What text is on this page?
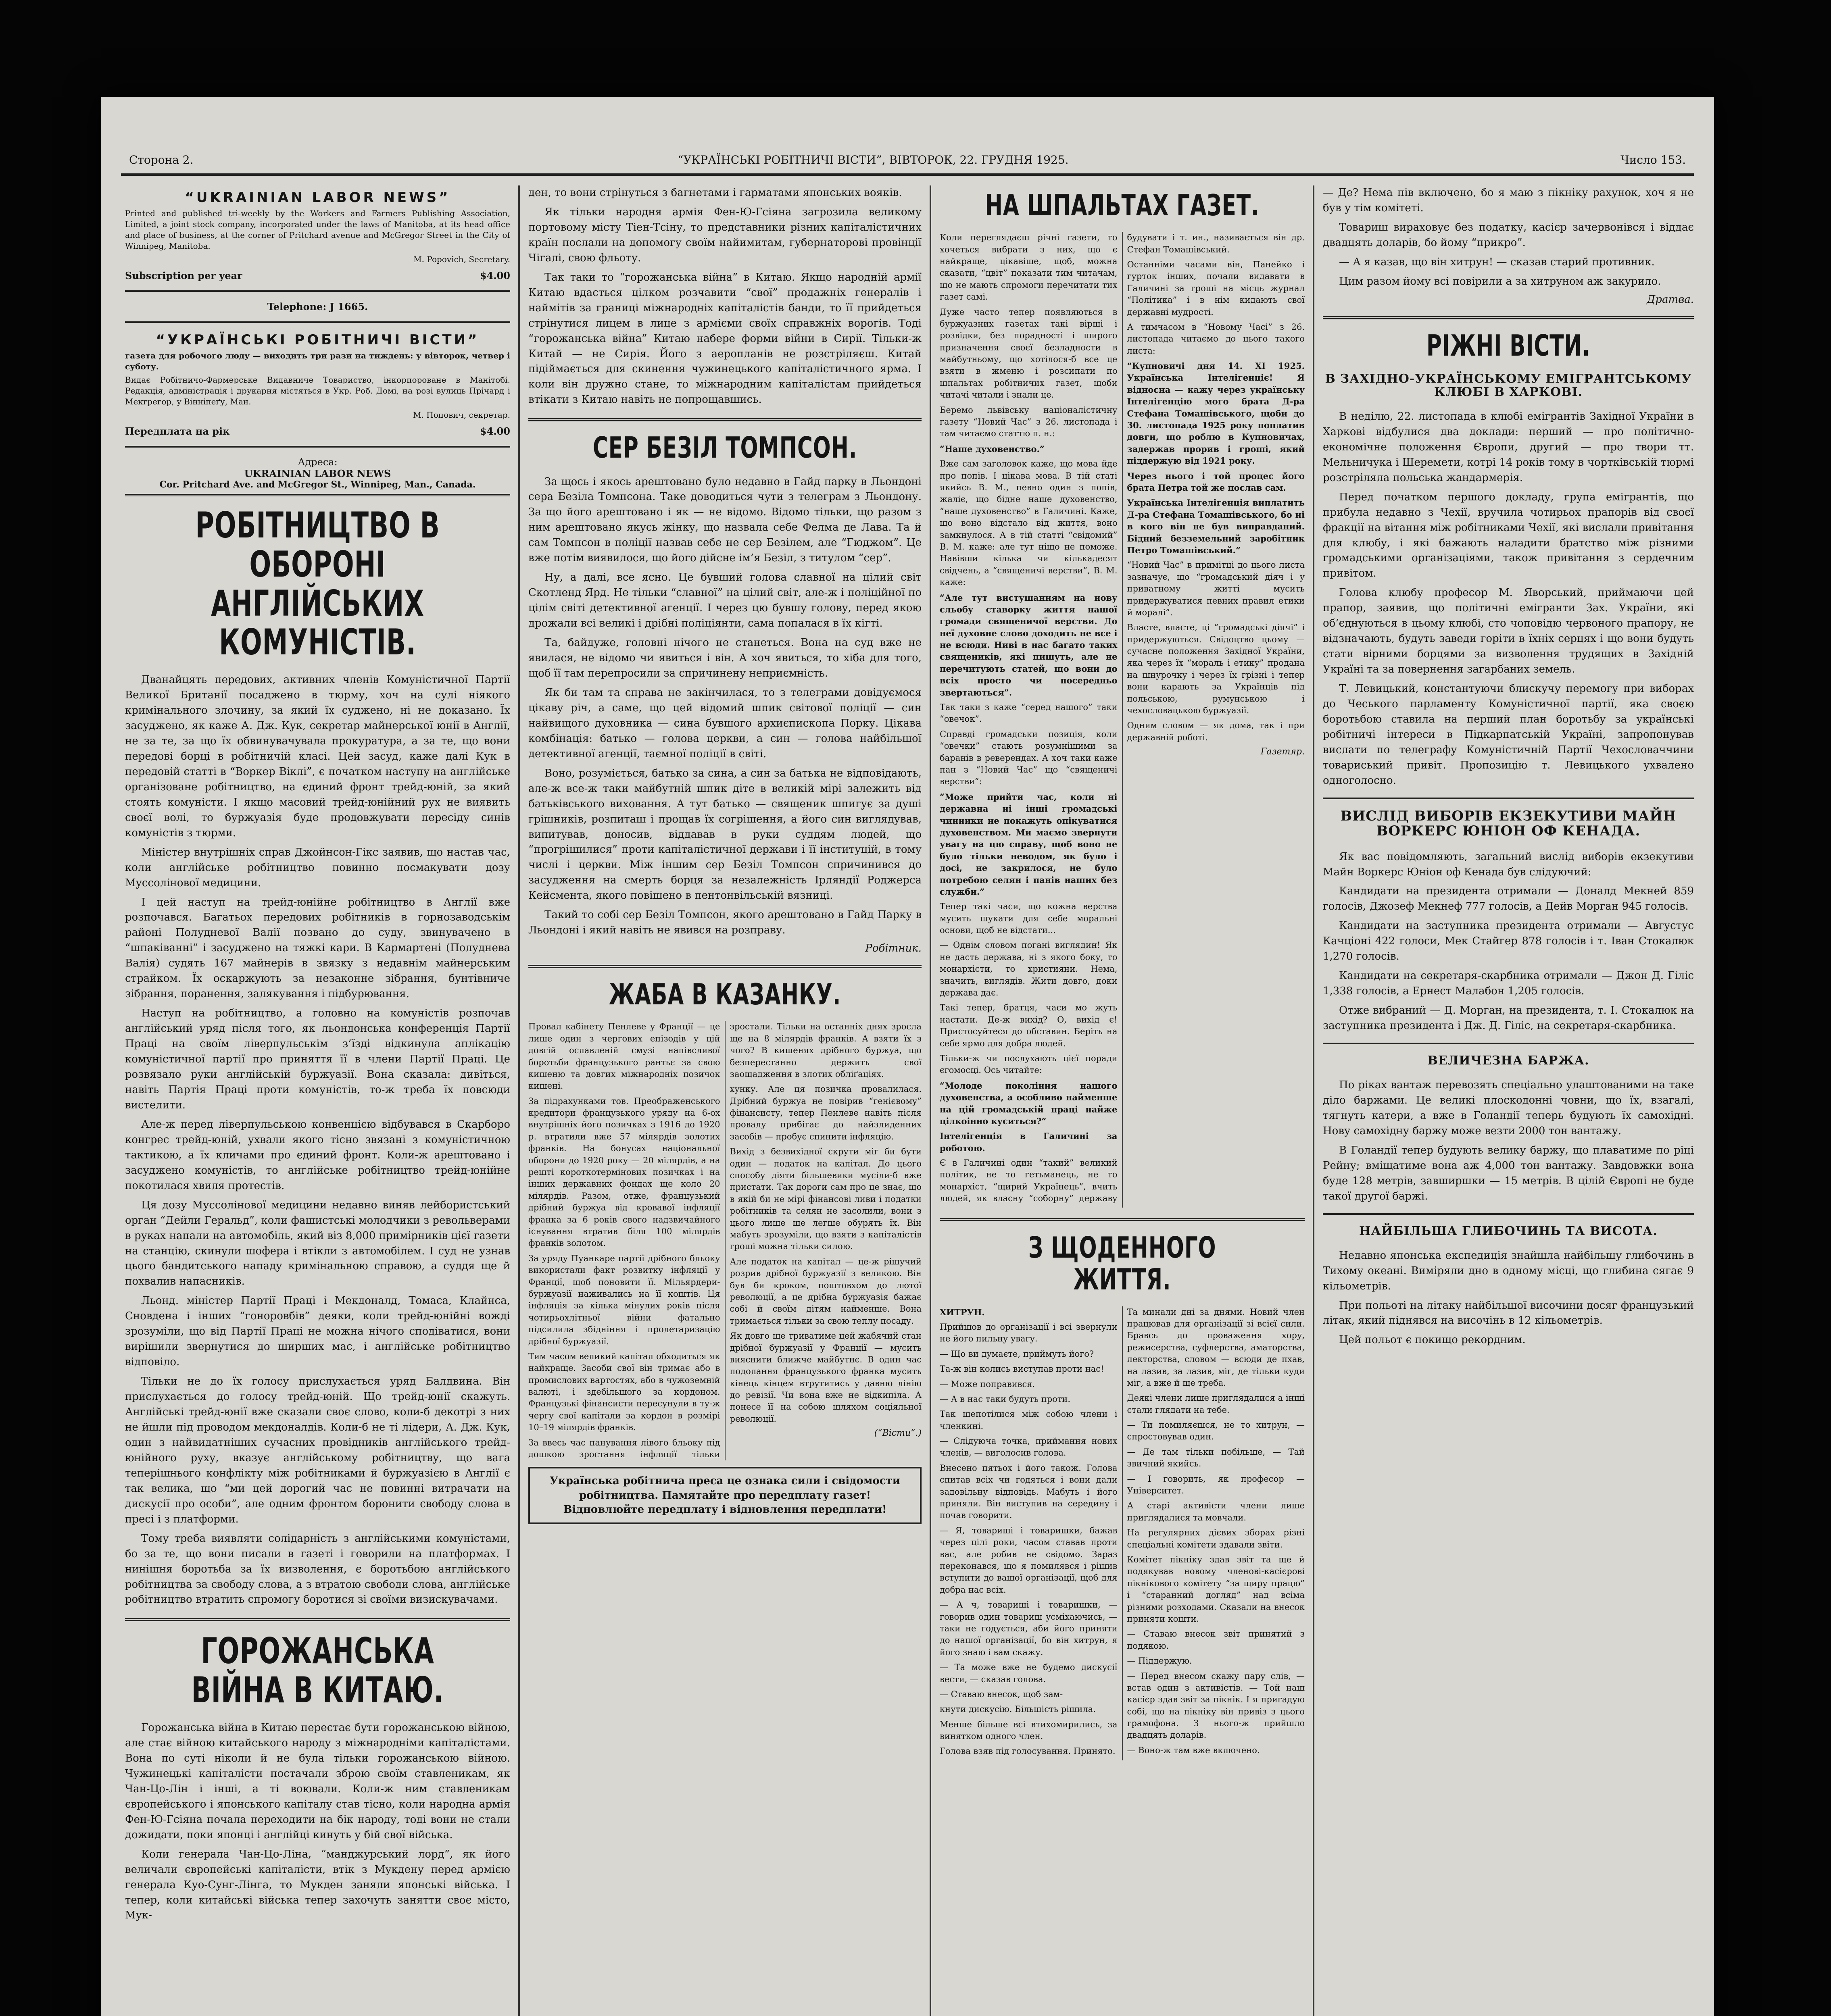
Сторона 2.	“УКРАЇНСЬКІ РОБІТНИЧІ ВІСТИ”, ВІВТОРОК, 22. ГРУДНЯ 1925.	Число 153.
“UKRAINIAN LABOR NEWS”

Printed and published tri-weekly by the Workers and Farmers Publishing Association, Limited, a joint stock company, incorporated under the laws of Manitoba, at its head office and place of business, at the corner of Pritchard avenue and McGregor Street in the City of Winnipeg, Manitoba.

M. Popovich, Secretary.

Subscription per year	$4.00
Telephone: J 1665.
“УКРАЇНСЬКІ РОБІТНИЧІ ВІСТИ”

газета для робочого люду — виходить три рази на тиждень: у вівторок, четвер і суботу.

Видає Робітничо-Фармерське Видавниче Товариство, інкорпороване в Манітобі. Редакція, адміністрація і друкарня містяться в Укр. Роб. Домі, на розі вулиць Прічард і Мекгрегор, у Вінніпеґу, Ман.

М. Попович, секретар.

Передплата на рік	$4.00
Адреса:
UKRAINIAN LABOR NEWS
Cor. Pritchard Ave. and McGregor St., Winnipeg, Man., Canada.
РОБІТНИЦТВО В ОБОРОНІ АНГЛІЙСЬКИХ КОМУНІСТІВ.

Дванайцять передових, активних членів Комуністичної Партії Великої Британії посаджено в тюрму, хоч на сулі ніякого кримінального злочину, за який їх суджено, ні не доказано. Їх засуджено, як каже А. Дж. Кук, секретар майнерської юнії в Англії, не за те, за що їх обвинувачувала прокуратура, а за те, що вони передові борці в робітничій класі. Цей засуд, каже далі Кук в передовій статті в “Воркер Віклі”, є початком наступу на англійське організоване робітництво, на єдиний фронт трейд-юній, за який стоять комуністи. І якщо масовий трейд-юнійний рух не виявить своєї волі, то буржуазія буде продовжувати пересіду синів комуністів з тюрми.

Міністер внутрішніх справ Джойнсон-Гікс заявив, що настав час, коли англійське робітництво повинно посмакувати дозу Муссолінової медицини.

І цей наступ на трейд-юнійне робітництво в Англії вже розпочався. Багатьох передових робітників в горнозаводськім районі Полудневої Валії позвано до суду, звинувачено в “шпаківанні” і засуджено на тяжкі кари. В Кармартені (Полуднева Валія) судять 167 майнерів в звязку з недавнім майнерським страйком. Їх оскаржують за незаконне зібрання, бунтівниче зібрання, поранення, залякування і підбурювання.

Наступ на робітництво, а головно на комуністів розпочав англійський уряд після того, як льондонська конференція Партії Праці на своїм ліверпульськім з’їзді відкинула аплікацію комуністичної партії про приняття її в члени Партії Праці. Це розвязало руки англійській буржуазії. Вона сказала: дивіться, навіть Партія Праці проти комуністів, то-ж треба їх повсюди вистелити.

Але-ж перед ліверпульською конвенцією відбувався в Скарборо конгрес трейд-юній, ухвали якого тісно звязані з комуністичною тактикою, а їх кличами про єдиний фронт. Коли-ж арештовано і засуджено комуністів, то англійське робітництво трейд-юнійне покотилася хвиля протестів.

Ця дозу Муссолінової медицини недавно виняв лейбористський орган “Дейли Геральд”, коли фашистські молодчики з револьверами в руках напали на автомобіль, який віз 8,000 примірників цієї газети на станцію, скинули шофера і втікли з автомобілем. І суд не узнав цього бандитського нападу кримінальною справою, а суддя ще й похвалив напасників.

Льонд. міністер Партії Праці і Мекдоналд, Томаса, Клайнса, Сновдена і інших “гоноровбів” деяки, коли трейд-юнійні вожді зрозуміли, що від Партії Праці не можна нічого сподіватися, вони вирішили звернутися до ширших мас, і англійське робітництво відповіло.

Тільки не до їх голосу прислухається уряд Балдвина. Він прислухається до голосу трейд-юній. Що трейд-юнії скажуть. Англійські трейд-юнії вже сказали своє слово, коли-б декотрі з них не йшли під проводом мекдоналдів. Коли-б не ті лідери, А. Дж. Кук, один з найвидатніших сучасних провідників англійського трейд-юнійного руху, вказує англійському робітництву, що вага теперішнього конфлікту між робітниками й буржуазією в Англії є так велика, що “ми цей дорогий час не повинні витрачати на дискусії про особи”, але одним фронтом боронити свободу слова в пресі і з платформи.

Тому треба виявляти солідарність з англійськими комуністами, бо за те, що вони писали в газеті і говорили на платформах. І нинішня боротьба за їх визволення, є боротьбою англійського робітництва за свободу слова, а з втратою свободи слова, англійське робітництво втратить спромогу боротися зі своїми визискувачами.

ГОРОЖАНСЬКА ВІЙНА В КИТАЮ.

Горожанська війна в Китаю перестає бути горожанською війною, але стає війною китайського народу з міжнародніми капіталістами. Вона по суті ніколи й не була тільки горожанською війною. Чужинецькі капіталісти постачали зброю своїм ставленикам, як Чан-Цо-Лін і інші, а ті воювали. Коли-ж ним ставленикам європейського і японського капіталу став тісно, коли народна армія Фен-Ю-Гсіяна почала переходити на бік народу, тоді вони не стали дожидати, поки японці і англійці кинуть у бій свої війська.

Коли генерала Чан-Цо-Ліна, “манджурський лорд”, як його величали європейські капіталісти, втік з Мукдену перед армією генерала Куо-Сунг-Лінга, то Мукден заняли японські війська. І тепер, коли китайські війська тепер захочуть занятти своє місто, Мук-

ден, то вони стрінуться з багнетами і гарматами японських вояків.

Як тільки народня армія Фен-Ю-Гсіяна загрозила великому портовому місту Тіен-Тсіну, то представники різних капіталістичних країн послали на допомогу своїм найимитам, губернаторові провінції Чігалі, свою фльоту.

Так таки то “горожанська війна” в Китаю. Якщо народній армії Китаю вдасться цілком розчавити “свої” продажніх генералів і наймітів за границі міжнародніх капіталістів банди, то її прийдеться стрінутися лицем в лице з армієми своїх справжніх ворогів. Тоді “горожанська війна” Китаю набере форми війни в Сирії. Тільки-ж Китай — не Сирія. Його з аеропланів не розстріляєш. Китай підіймається для скинення чужинецького капіталістичного ярма. І коли він дружно стане, то міжнародним капіталістам прийдеться втікати з Китаю навіть не попрощавшись.

СЕР БЕЗІЛ ТОМПСОН.

За щось і якось арештовано було недавно в Гайд парку в Льондоні сера Безіла Томпсона. Таке доводиться чути з телеграм з Льондону. За що його арештовано і як — не відомо. Відомо тільки, що разом з ним арештовано якусь жінку, що назвала себе Фелма де Лава. Та й сам Томпсон в поліції назвав себе не сер Безілем, але “Гюджом”. Це вже потім виявилося, що його дійсне ім’я Безіл, з титулом “сер”.

Ну, а далі, все ясно. Це бувший голова славної на цілий світ Скотленд Ярд. Не тільки “славної” на цілий світ, але-ж і поліційної по цілім світі детективної агенції. І через цю бувшу голову, перед якою дрожали всі великі і дрібні поліціянти, сама попалася в їх кігті.

Та, байдуже, головні нічого не станеться. Вона на суд вже не явилася, не відомо чи явиться і він. А хоч явиться, то хіба для того, щоб її там перепросили за спричинену неприємність.

Як би там та справа не закінчилася, то з телеграми довідуємося цікаву річ, а саме, що цей відомий шпик світової поліції — син найвищого духовника — сина бувшого архиєпископа Порку. Цікава комбінація: батько — голова церкви, а син — голова найбільшої детективної агенції, таємної поліції в світі.

Воно, розуміється, батько за сина, а син за батька не відповідають, але-ж все-ж таки майбутній шпик діте в великій мірі залежить від батьківського виховання. А тут батько — священик шпигує за душі грішників, розпиташ і прощав їх согрішення, а його син виглядував, випитував, доносив, віддавав в руки суддям людей, що “прогрішилися” проти капіталістичної держави і її інституцій, в тому числі і церкви. Між іншим сер Безіл Томпсон спричинився до засудження на смерть борця за незалежність Ірляндії Роджерса Кейсмента, якого повішено в пентонвільській вязниці.

Такий то собі сер Безіл Томпсон, якого арештовано в Гайд Парку в Льондоні і який навіть не явився на розправу.

Робітник.
ЖАБА В КАЗАНКУ.

Провал кабінету Пенлеве у Франції — це лише один з чергових епізодів у цій довгій ославленій смузі напівсливої боротьби французького рантьє за свою кишеню та довгих міжнародніх позичок кишені.

За підрахунками тов. Преображенського кредитори французького уряду на 6-ох внутрішніх його позичках з 1916 до 1920 р. втратили вже 57 мілярдів золотих франків. На бонусах національної оборони до 1920 року — 20 мілярдів, а на решті короткотермінових позичках і на інших державних фондах ще коло 20 мілярдів. Разом, отже, французький дрібний буржуа від кровавої інфляції франка за 6 років свого надзвичайного існування втратив біля 100 мілярдів франків золотом.

За уряду Пуанкаре партії дрібного бльоку використали факт розвитку інфляції у Франції, щоб поновити її. Мільярдери-буржуазії наживались на її коштів. Ця інфляція за кілька мінулих років після чотирьохлітньої війни фатально підсилила збідніння і пролетаризацію дрібної буржуазії.

Тим часом великий капітал обходиться як найкраще. Засоби свої він тримає або в промислових вартостях, або в чужоземній валюті, і здебільшого за кордоном. Французькі фінансисти пересунули в ту-ж чергу свої капітали за кордон в розмірі 10–19 мілярдів франків.

За ввесь час панування лівого бльоку під дошкою зростання інфляції тільки зростали. Тільки на останніх днях зросла ще на 8 мілярдів франків. А взяти їх з чого? В кишенях дрібного буржуа, що безперестанно держить свої заощадження в злотих обліґаціях.

хунку. Але ця позичка провалилася. Дрібний буржуа не повірив “генієвому” фінансисту, тепер Пенлеве навіть після провалу прибігає до найзлиденних засобів — пробує спинити інфляцію.

Вихід з безвихідної скрути міг би бути один — податок на капітал. До цього способу діяти більшевики мусіли-б вже пристати. Так дороги сам про це знає, що в якій би не мірі фінансові ливи і податки робітників та селян не засолили, вони з цього лише ще легше обурять їх. Він мабуть зрозуміли, що взяти з капіталістів гроші можна тільки силою.

Але податок на капітал — це-ж рішучий розрив дрібної буржуазії з великою. Він був би кроком, поштовхом до лютої революції, а це дрібна буржуазія бажає собі й своїм дітям найменше. Вона тримається тільки за свою теплу посаду.

Як довго ще триватиме цей жабячий стан дрібної буржуазії у Франції — мусить вияснити ближче майбутнє. В один час подолання французького франка мусить кінець кінцем втрутитись у давню лінію до ревізії. Чи вона вже не відкипіла. А понесе її на собою шляхом соціяльної революції.

(“Вісти”.)
Українська робітнича преса це ознака сили і свідомости робітництва. Памятайте про передплату газет! Відновлюйте передплату і відновлення передплати!
НА ШПАЛЬТАХ ГАЗЕТ.

Коли переглядаєш річні газети, то хочеться вибрати з них, що є найкраще, цікавіше, щоб, можна сказати, “цвіт” показати тим читачам, що не мають спромоги перечитати тих газет самі.

Дуже часто тепер появляються в буржуазних газетах такі вірші і розвідки, без порадності і широго призначення своєї безладности в майбутньому, що хотілося-б все це взяти в жменю і розсипати по шпальтах робітничих газет, щоби читачі читали і знали це.

Беремо львівську націоналістичну газету “Новий Час” з 26. листопада і там читаємо статтю п. н.:

“Наше духовенство.”

Вже сам заголовок каже, що мова йде про попів. І цікава мова. В тій статі якийсь В. М., певно один з попів, жаліє, що бідне наше духовенство, “наше духовенство” в Галичині. Каже, що воно відстало від життя, воно замкнулося. А в тій статті “свідомий” В. М. каже: але тут ніщо не поможе. Навівши кілька чи кількадесят свідчень, а “священичі верстви”, В. М. каже:

“Але тут вистушанням на нову сльобу ставорку життя нашої громади священичої верстви. До неї духовне слово доходить не все і не всюди. Ниві в нас багато таких священиків, які пишуть, але не перечитують статей, що вони до всіх просто чи посередньо звертаються”.

Так таки з каже “серед нашого” таки “овечок”.

Справді громадськи позиція, коли “овечки” стають розумнішими за баранів в реверендах. А хоч таки каже пан з “Новий Час” що “священичі верстви”:

“Може прийти час, коли ні державна ні інші громадські чинники не покажуть опікуватися духовенством. Ми маємо звернути увагу на цю справу, щоб воно не було тільки неводом, як було і досі, не закрилося, не було потребою селян і панів наших без служби.”

Тепер такі часи, що кожна верства мусить шукати для себе моральні основи, щоб не відстати...

— Однім словом погані виглядин! Як не дасть держава, ні з якого боку, то монархісти, то християни. Нема, значить, виглядів. Жити довго, доки держава дає.

Такі тепер, братця, часи мо жуть настати. Де-ж вихід? О, вихід є! Пристосуйтеся до обставин. Беріть на себе ярмо для добра людей.

Тільки-ж чи послухають цієї поради єгомосці. Ось читайте:

“Молоде покоління нашого духовенства, а особливо найменше на цій громадській праці найже цілкоінно куситься?”

Інтелігенція в Галичині за роботою.

Є в Галичині один “такий” великий політик, не то гетьманець, не то монархіст, “щирий Українець”, вчить людей, як власну “соборну” державу будувати і т. ин., називається він др. Стефан Томашівський.

Останніми часами він, Панейко і гурток інших, почали видавати в Галичині за гроші на місць журнал “Політика” і в нім кидають свої державні мудрості.

А тимчасом в “Новому Часі” з 26. листопада читаємо до цього такого листа:

“Купновичі дня 14. XI 1925. Українська Інтелігенціє! Я відносна — кажу через українську Інтелігенцію мого брата Д-ра Стефана Томашівського, щоби до 30. листопада 1925 року поплатив довги, що роблю в Купновичах, задержав прорив і гроші, який піддержую від 1921 року.

Через нього і той процес його брата Петра той же послав сам.

Українська Інтелігенція виплатить Д-ра Стефана Томашівського, бо ні в кого він не був виправданий. Бідний безземельний заробітник Петро Томашівський.”

“Новий Час” в примітці до цього листа зазначує, що “громадський діяч і у приватному житті мусить придержуватися певних правил етики й моралі”.

Властe, властe, ці “громадські діячі” і придержуються. Свідоцтво цьому — сучасне положення Західної України, яка через їх “мораль і етику” продана на шнурочку і через їх грізні і тепер вони карають за Українців під польською, румунською і чехословацькою буржуазії.

Одним словом — як дома, так і при державній роботі.

Газетяр.
З ЩОДЕННОГО ЖИТТЯ.

ХИТРУН.

Прийшов до організації і всі звернули не його пильну увагу.

— Що ви думаєте, приймуть його?

Та-ж він колись виступав проти нас!

— Може поправився.

— А в нас таки будуть проти.

Так шепотілися між собою члени і членкині.

— Слідуюча точка, приймання нових членів, — виголосив голова.

Внесено пятьох і його також. Голова спитав всіх чи годяться і вони дали задовільну відповідь. Мабуть і його приняли. Він виступив на середину і почав говорити.

— Я, товариші і товаришки, бажав через цілі роки, часом ставав проти вас, але робив не свідомо. Зараз переконався, що я помилявся і рішив вступити до вашої організації, щоб для добра нас всіх.

— А ч, товариші і товаришки, — говорив один товариш усміхаючись, — таки не годується, аби його приняти до нашої організації, бо він хитрун, я його знаю і вам скажу.

— Та може вже не будемо дискусії вести, — сказав голова.

— Ставаю внесок, щоб зам-

кнути дискусію. Більшість рішила.

Менше більше всі втихомирились, за винятком одного член.

Голова взяв під голосування. Принято.

Та минали дні за днями. Новий член працював для організації зі всієї сили. Бравсь до проваження хору, режисерства, суфлерства, аматорства, лекторства, словом — всюди де пхав, на лазив, за лазив, міг, де тільки куди міг, а вже й ще треба.

Деякі члени лише приглядалися а інші стали глядати на тебе.

— Ти помиляєшся, не то хитрун, — спростовував один.

— Де там тільки побільше, — Тай звичний якийсь.

— І говорить, як професор — Університет.

А старі активісти члени лише приглядалися та мовчали.

На регулярних дієвих зборах різні спеціальні комітети здавали звіти.

Комітет пікніку здав звіт та ще й подякував новому членові-касієрові пікнікового комітету “за щиру працю” і “старанний догляд” над всіма різними розходами. Сказали на внесок приняти кошти.

— Ставаю внесок звіт принятий з подякою.

— Піддержую.

— Перед внесом скажу пару слів, — встав один з активістів. — Той наш касієр здав звіт за пікнік. І я пригадую собі, що на пікніку він привіз з цього грамофона. З нього-ж прийшло двадцять доларів.

— Воно-ж там вже включено.

— Де? Нема пів включено, бо я маю з пікніку рахунок, хоч я не був у тім комітеті.

Товариш вираховує без податку, касієр зачервонівся і віддає двадцять доларів, бо йому “прикро”.

— А я казав, що він хитрун! — сказав старий противник.

Цим разом йому всі повірили а за хитруном аж закурило.

Дратва.
РІЖНІ ВІСТИ.
В ЗАХІДНО-УКРАЇНСЬКОМУ ЕМІГРАНТСЬКОМУ КЛЮБІ В ХАРКОВІ.

В неділю, 22. листопада в клюбі емігрантів Західної України в Харкові відбулися два доклади: перший — про політично-економічне положення Європи, другий — про твори тт. Мельничука і Шеремети, котрі 14 років тому в чортківській тюрмі розстріляла польська жандармерія.

Перед початком першого докладу, група емігрантів, що прибула недавно з Чехії, вручила чотирьох прапорів від своєї фракції на вітання між робітниками Чехії, які вислали привітання для клюбу, і які бажають наладити братство між різними громадськими організаціями, також привітання з сердечним привітом.

Голова клюбу професор М. Яворський, приймаючи цей прапор, заявив, що політичні емігранти Зах. України, які об’єднуються в цьому клюбі, сто чоповідю червоного прапору, не відзначають, будуть заведи горіти в їхніх серцях і що вони будуть стати вірними борцями за визволення трудящих в Західній Україні та за повернення загарбаних земель.

Т. Левицький, константуючи блискучу перемогу при виборах до Чеського парламенту Комуністичної партії, яка своєю боротьбою ставила на перший план боротьбу за українські робітничі інтереси в Підкарпатській Україні, запропонував вислати по телеграфу Комуністичній Партії Чехословаччини товариський привіт. Пропозицію т. Левицького ухвалено одноголосно.

ВИСЛІД ВИБОРІВ ЕКЗЕКУТИВИ МАЙН ВОРКЕРС ЮНІОН ОФ КЕНАДА.

Як вас повідомляють, загальний вислід виборів екзекутиви Майн Воркерс Юніон оф Кенада був слідуючий:

Кандидати на президента отримали — Доналд Мекней 859 голосів, Джозеф Мекнеф 777 голосів, а Дейв Морган 945 голосів.

Кандидати на заступника президента отримали — Августус Качціоні 422 голоси, Мек Стайгер 878 голосів і т. Іван Стокалюк 1,270 голосів.

Кандидати на секретаря-скарбника отримали — Джон Д. Гіліс 1,338 голосів, а Ернест Малабон 1,205 голосів.

Отже вибраний — Д. Морган, на президента, т. І. Стокалюк на заступника президента і Дж. Д. Гіліс, на секретаря-скарбника.

ВЕЛИЧЕЗНА БАРЖА.

По ріках вантаж перевозять спеціально улаштованими на таке діло баржами. Це великі плоскодонні човни, що їх, взагалі, тягнуть катери, а вже в Голандії теперь будують їх самохідні. Нову самохідну баржу може везти 2000 тон вантажу.

В Голандії тепер будують велику баржу, що плаватиме по ріці Рейну; вміщатиме вона аж 4,000 тон вантажу. Завдовжки вона буде 128 метрів, завширшки — 15 метрів. В цілій Європі не буде такої другої баржі.

НАЙБІЛЬША ГЛИБОЧИНЬ ТА ВИСОТА.

Недавно японська експедиція знайшла найбільшу глибочинь в Тихому океані. Виміряли дно в одному місці, що глибина сягає 9 кільометрів.

При польоті на літаку найбільшої височини досяг французький літак, який піднявся на височінь в 12 кільометрів.

Цей польот є покищо рекордним.
